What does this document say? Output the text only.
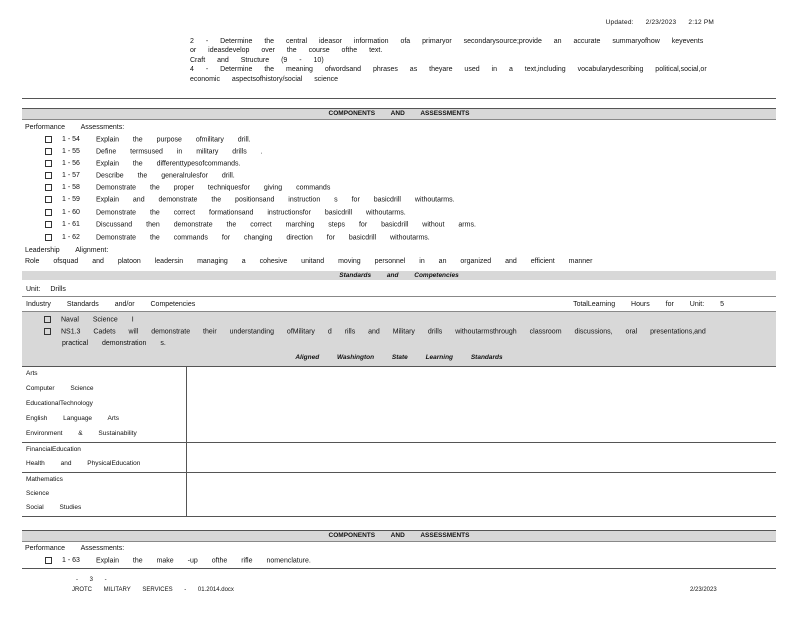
Updated: 2/23/2023 2:12 PM
2 - Determine the central ideasor information ofa primaryor secondarysource;provide an accurate summaryofhow keyevents
or ideasdevelop over the course ofthe text.
Craft and Structure (9 - 10)
4 - Determine the meaning ofwordsand phrases as theyare used in a text,including vocabularydescribing political,social,or
economic aspectsofhistory/social science
COMPONENTS AND ASSESSMENTS
Performance Assessments:
1 - 54 Explain the purpose ofmilitary drill.
1 - 55 Define termsused in military drills .
1 - 56 Explain the differenttypesofcommands.
1 - 57 Describe the generalrulesfor drill.
1 - 58 Demonstrate the proper techniquesfor giving commands
1 - 59 Explain and demonstrate the positionsand instruction s for basicdrill withoutarms.
1 - 60 Demonstrate the correct formationsand instructionsfor basicdrill withoutarms.
1 - 61 Discussand then demonstrate the correct marching steps for basicdrill without arms.
1 - 62 Demonstrate the commands for changing direction for basicdrill withoutarms.
Leadership Alignment:
Role ofsquad and platoon leadersin managing a cohesive unitand moving personnel in an organized and efficient manner
Standards and Competencies
Unit: Drills
Industry Standards and/or Competencies	TotalLearning Hours for Unit: 5
Naval Science I
NS1.3 Cadets will demonstrate their understanding ofMilitary d rills and Military drills withoutarmsthrough classroom discussions, oral presentations,and
practical demonstration s.
Aligned Washington State Learning Standards
Arts
Computer Science
EducationalTechnology
English Language Arts
Environment & Sustainability
FinancialEducation
Health and PhysicalEducation
Mathematics
Science
Social Studies
COMPONENTS AND ASSESSMENTS
Performance Assessments:
1 - 63 Explain the make -up ofthe rifle nomenclature.
- 3 -
JROTC MILITARY SERVICES - 01.2014.docx	2/23/2023
